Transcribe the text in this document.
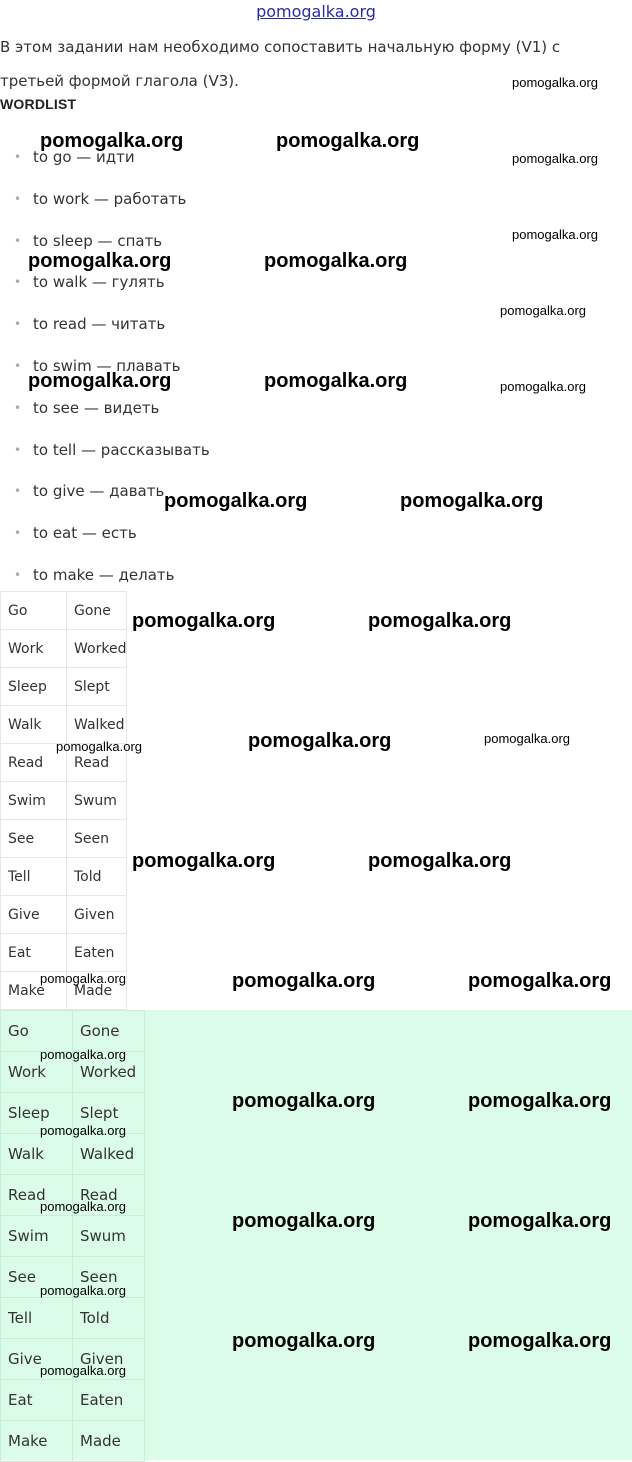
pomogalka.org
В этом задании нам необходимо сопоставить начальную форму (V1) с третьей формой глагола (V3).
WORDLIST
• to go — идти
• to work — работать
• to sleep — спать
• to walk — гулять
• to read — читать
• to swim — плавать
• to see — видеть
• to tell — рассказывать
• to give — давать
• to eat — есть
• to make — делать
Go	Gone
Work	Worked
Sleep	Slept
Walk	Walked
Read	Read
Swim	Swum
See	Seen
Tell	Told
Give	Given
Eat	Eaten
Make	Made
Go	Gone
Work	Worked
Sleep	Slept
Walk	Walked
Read	Read
Swim	Swum
See	Seen
Tell	Told
Give	Given
Eat	Eaten
Make	Made
pomogalka.org
pomogalka.org	pomogalka.org
pomogalka.org
pomogalka.org
pomogalka.org	pomogalka.org
pomogalka.org
pomogalka.org	pomogalka.org	pomogalka.org
pomogalka.org	pomogalka.org
pomogalka.org	pomogalka.org
pomogalka.org
pomogalka.org
pomogalka.org
pomogalka.org	pomogalka.org
pomogalka.org	pomogalka.org	pomogalka.org
pomogalka.org
pomogalka.org	pomogalka.org
pomogalka.org
pomogalka.org
pomogalka.org	pomogalka.org
pomogalka.org
pomogalka.org	pomogalka.org
pomogalka.org
